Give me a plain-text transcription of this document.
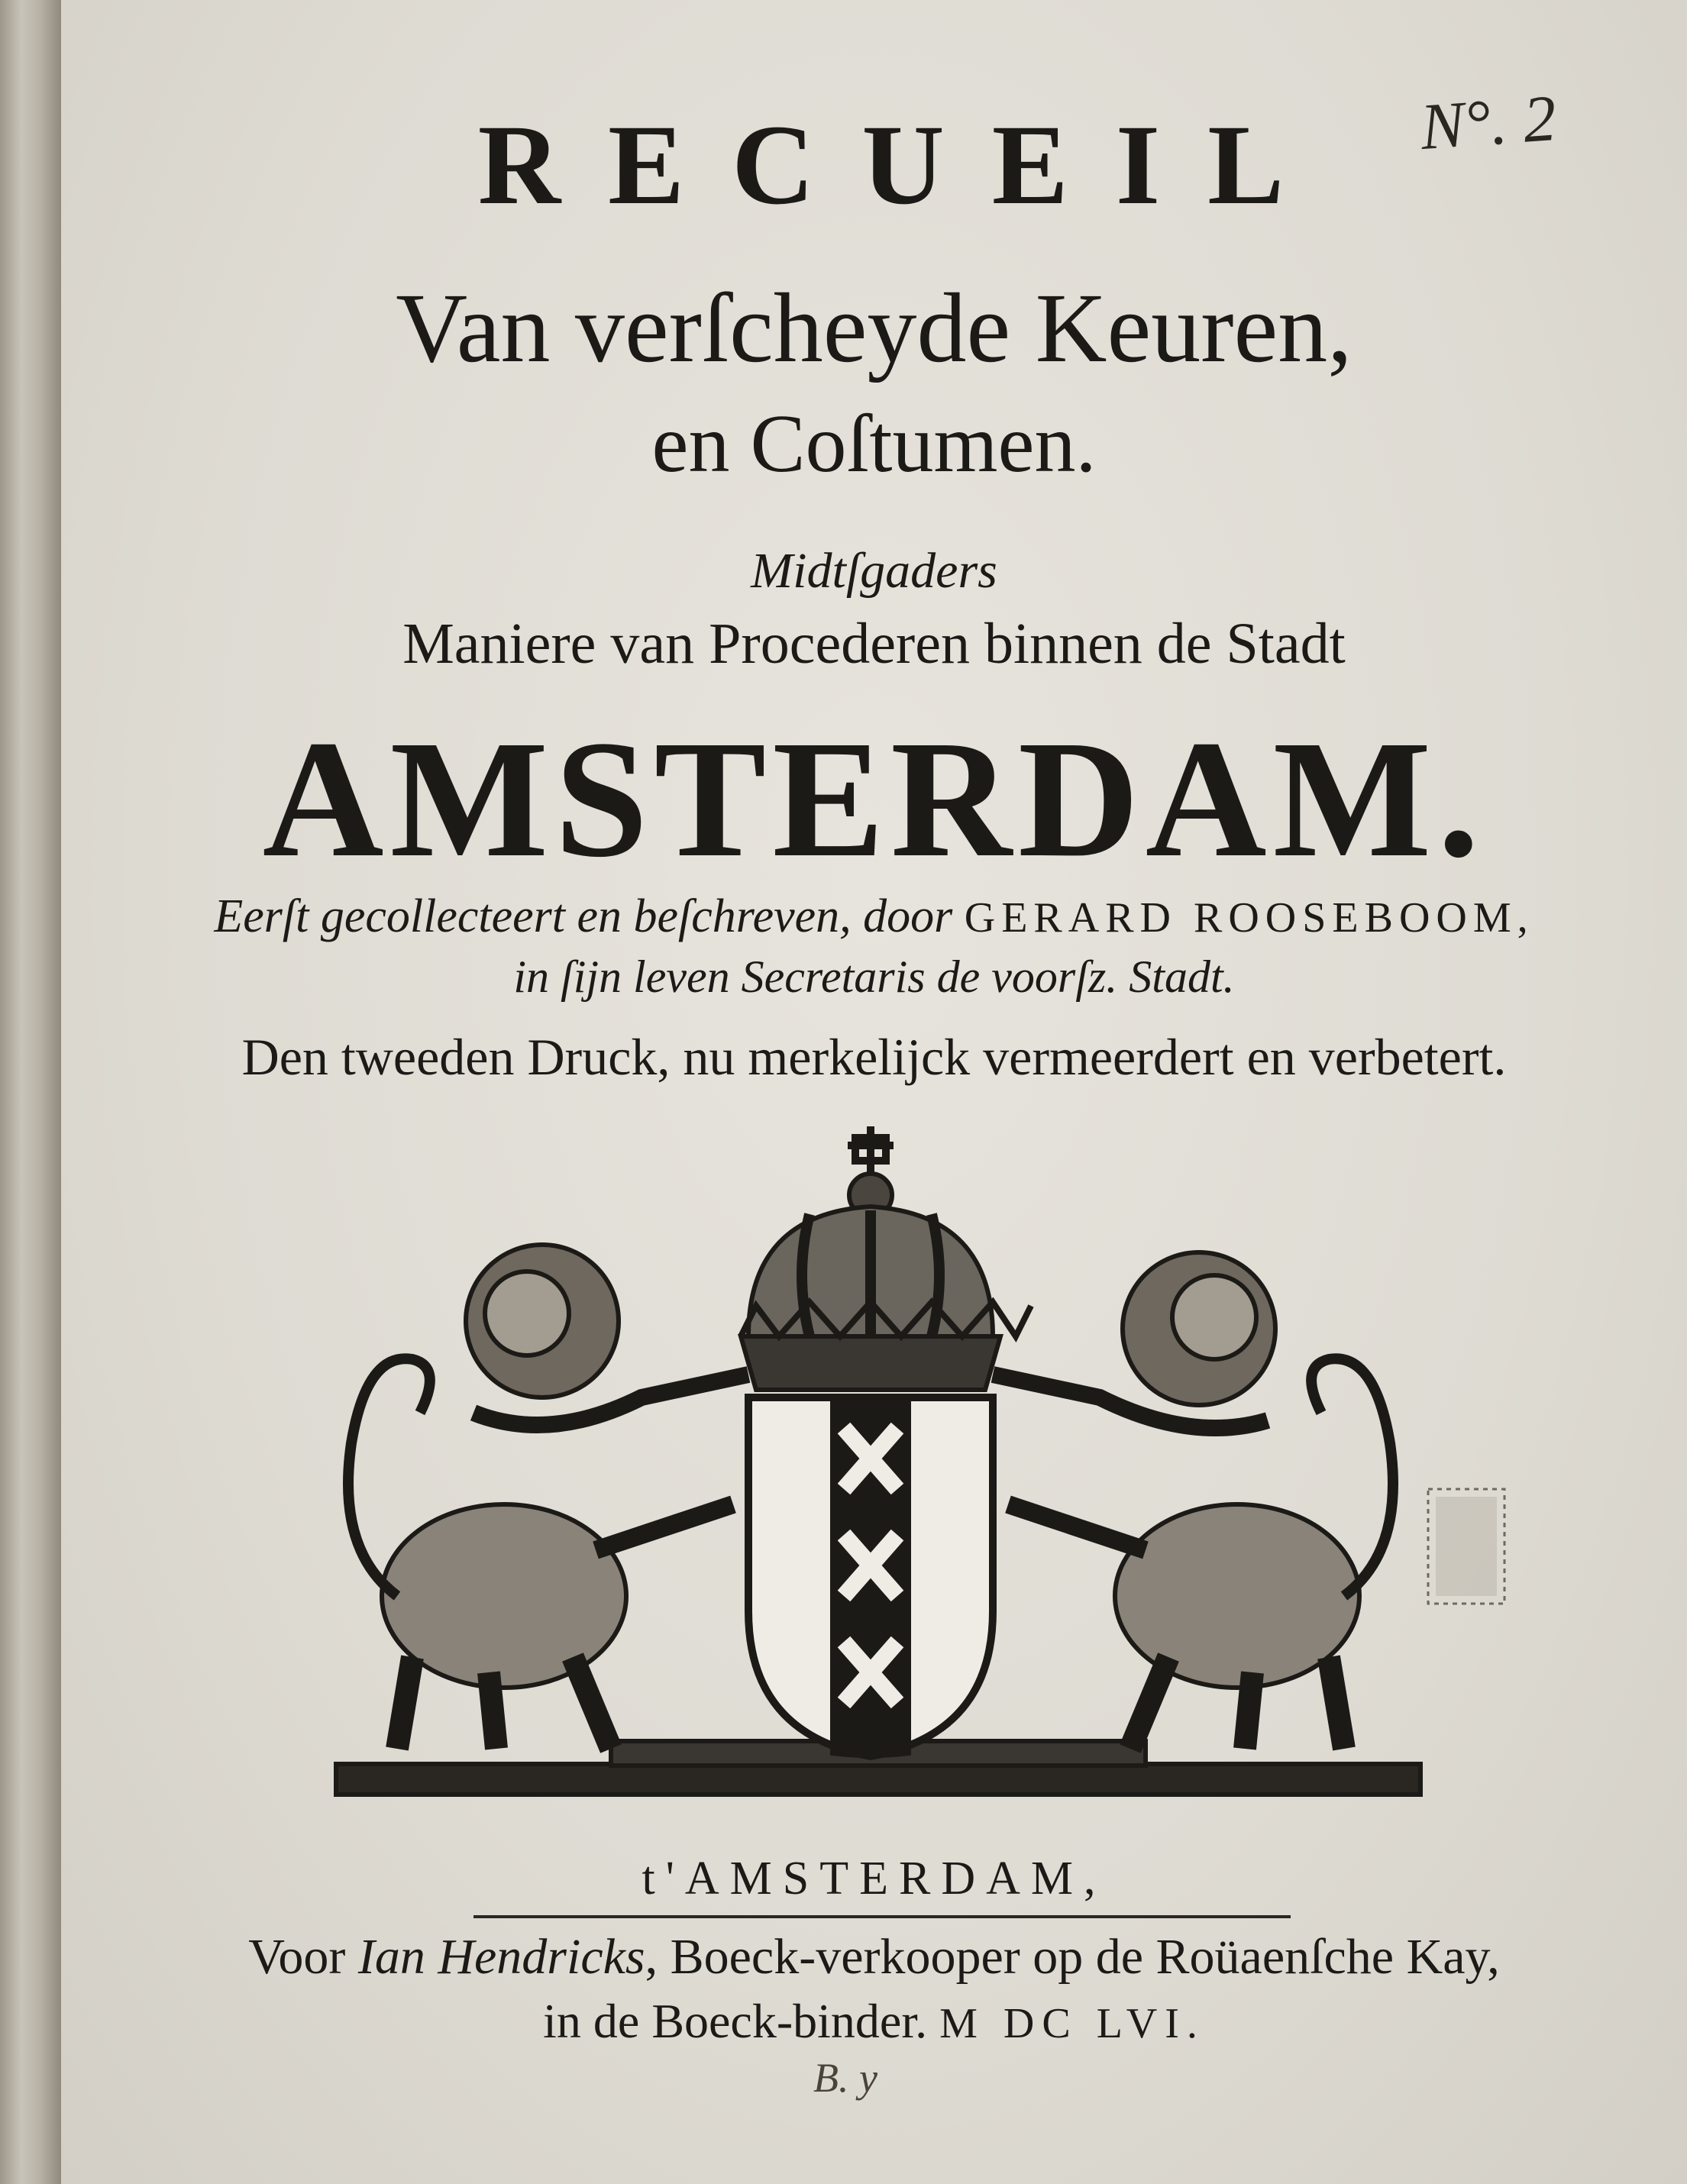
N°. 2
RECUEIL
Van verſcheyde Keuren,
en Coſtumen.
Midtſgaders
Maniere van Procederen binnen de Stadt
AMSTERDAM.
Eerſt gecollecteert en beſchreven, door GERARD ROOSEBOOM,
in ſijn leven Secretaris de voorſz. Stadt.
Den tweeden Druck, nu merkelijck vermeerdert en verbetert.
t'AMSTERDAM,
Voor Ian Hendricks, Boeck-verkooper op de Roüaenſche Kay,
in de Boeck-binder. M DC LVI.
B. y
